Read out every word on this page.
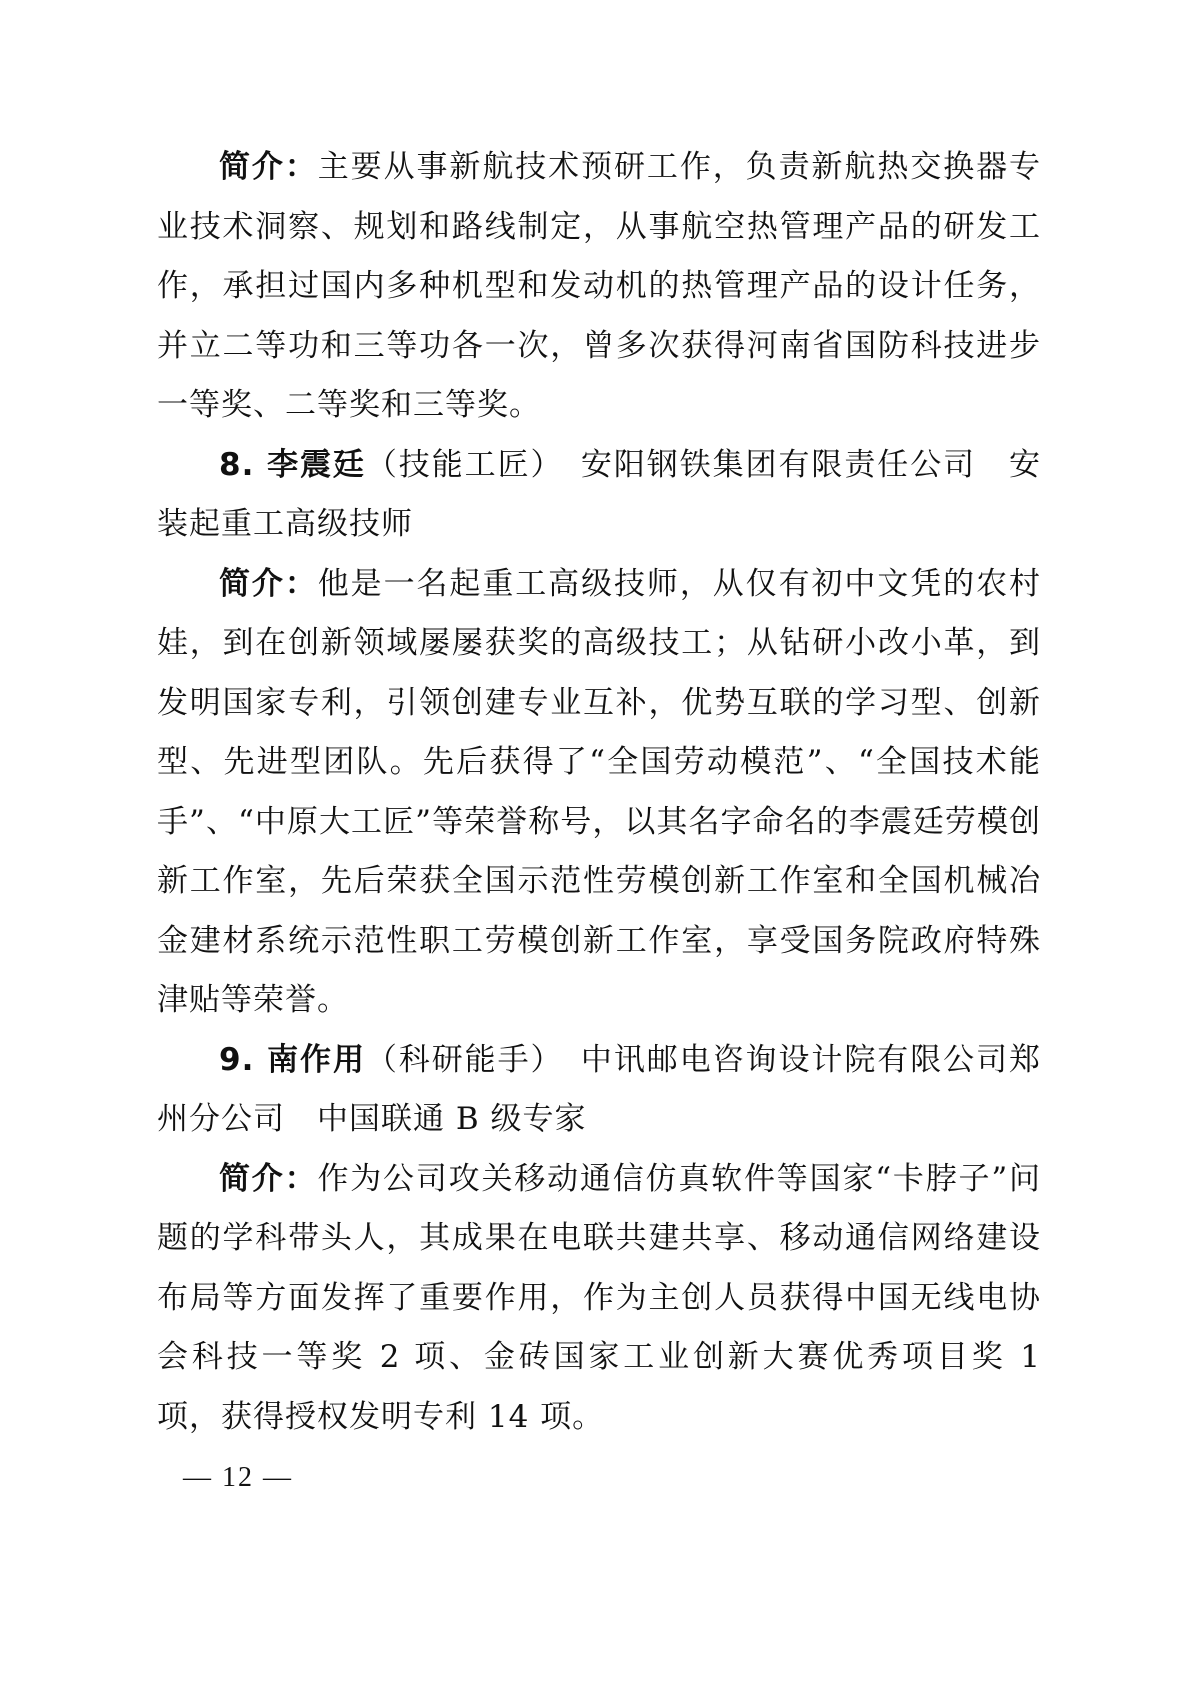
简介：主要从事新航技术预研工作，负责新航热交换器专业技术洞察、规划和路线制定，从事航空热管理产品的研发工作，承担过国内多种机型和发动机的热管理产品的设计任务，并立二等功和三等功各一次，曾多次获得河南省国防科技进步一等奖、二等奖和三等奖。

8. 李震廷（技能工匠）　安阳钢铁集团有限责任公司　安装起重工高级技师

简介：他是一名起重工高级技师，从仅有初中文凭的农村娃，到在创新领域屡屡获奖的高级技工；从钻研小改小革，到发明国家专利，引领创建专业互补，优势互联的学习型、创新型、先进型团队。先后获得了“全国劳动模范”、“全国技术能手”、“中原大工匠”等荣誉称号，以其名字命名的李震廷劳模创新工作室，先后荣获全国示范性劳模创新工作室和全国机械冶金建材系统示范性职工劳模创新工作室，享受国务院政府特殊津贴等荣誉。

9. 南作用（科研能手）　中讯邮电咨询设计院有限公司郑州分公司　中国联通 B 级专家

简介：作为公司攻关移动通信仿真软件等国家“卡脖子”问题的学科带头人，其成果在电联共建共享、移动通信网络建设布局等方面发挥了重要作用，作为主创人员获得中国无线电协会科技一等奖 2 项、金砖国家工业创新大赛优秀项目奖 1 项，获得授权发明专利 14 项。

— 12 —
